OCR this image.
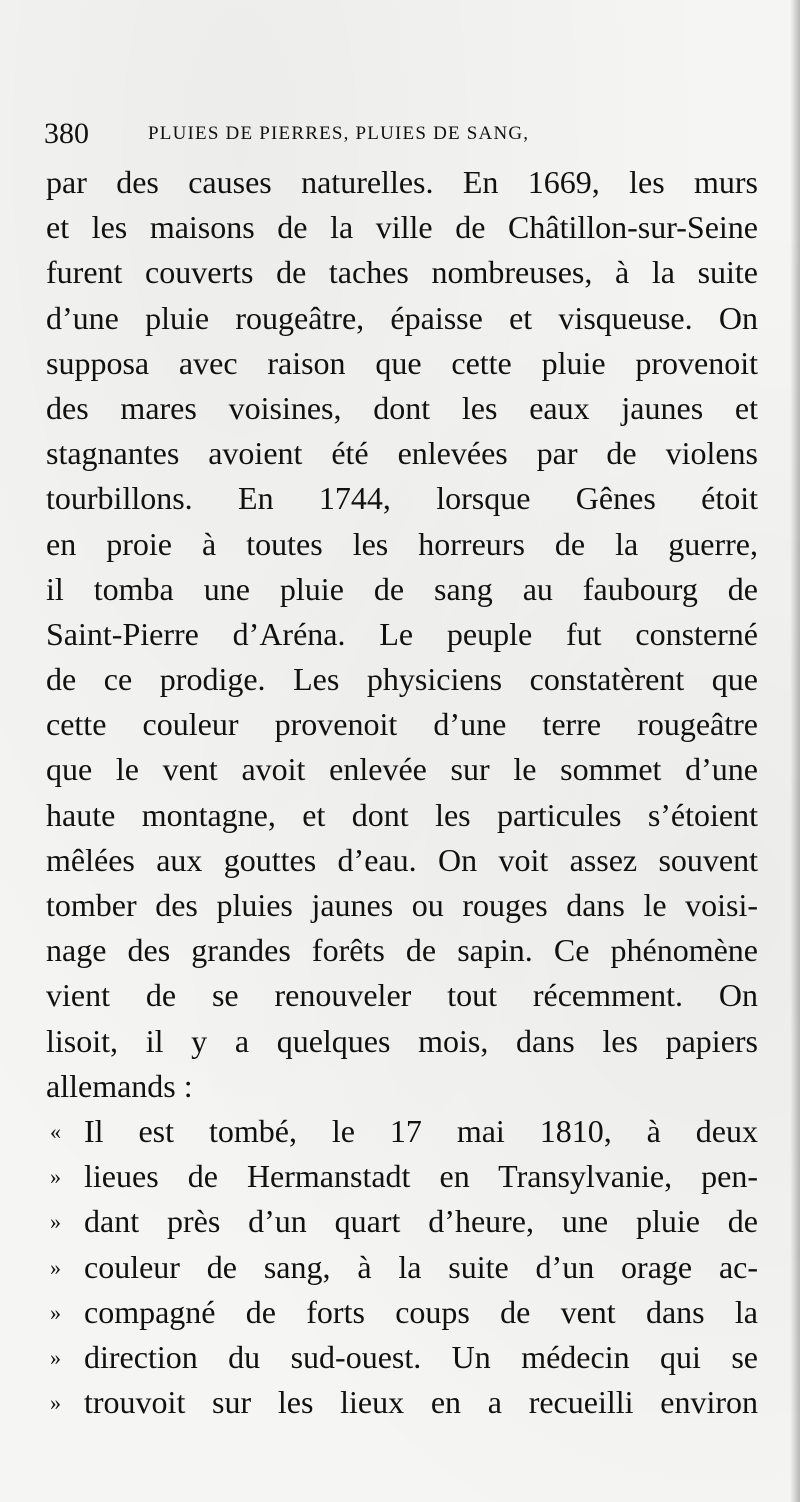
380	PLUIES DE PIERRES, PLUIES DE SANG,
par des causes naturelles. En 1669, les murs
et les maisons de la ville de Châtillon-sur-Seine
furent couverts de taches nombreuses, à la suite
d’une pluie rougeâtre, épaisse et visqueuse. On
supposa avec raison que cette pluie provenoit
des mares voisines, dont les eaux jaunes et
stagnantes avoient été enlevées par de violens
tourbillons. En 1744, lorsque Gênes étoit
en proie à toutes les horreurs de la guerre,
il tomba une pluie de sang au faubourg de
Saint-Pierre d’Aréna. Le peuple fut consterné
de ce prodige. Les physiciens constatèrent que
cette couleur provenoit d’une terre rougeâtre
que le vent avoit enlevée sur le sommet d’une
haute montagne, et dont les particules s’étoient
mêlées aux gouttes d’eau. On voit assez souvent
tomber des pluies jaunes ou rouges dans le voisi-
nage des grandes forêts de sapin. Ce phénomène
vient de se renouveler tout récemment. On
lisoit, il y a quelques mois, dans les papiers
allemands :
« Il est tombé, le 17 mai 1810, à deux
» lieues de Hermanstadt en Transylvanie, pen-
» dant près d’un quart d’heure, une pluie de
» couleur de sang, à la suite d’un orage ac-
» compagné de forts coups de vent dans la
» direction du sud-ouest. Un médecin qui se
» trouvoit sur les lieux en a recueilli environ
